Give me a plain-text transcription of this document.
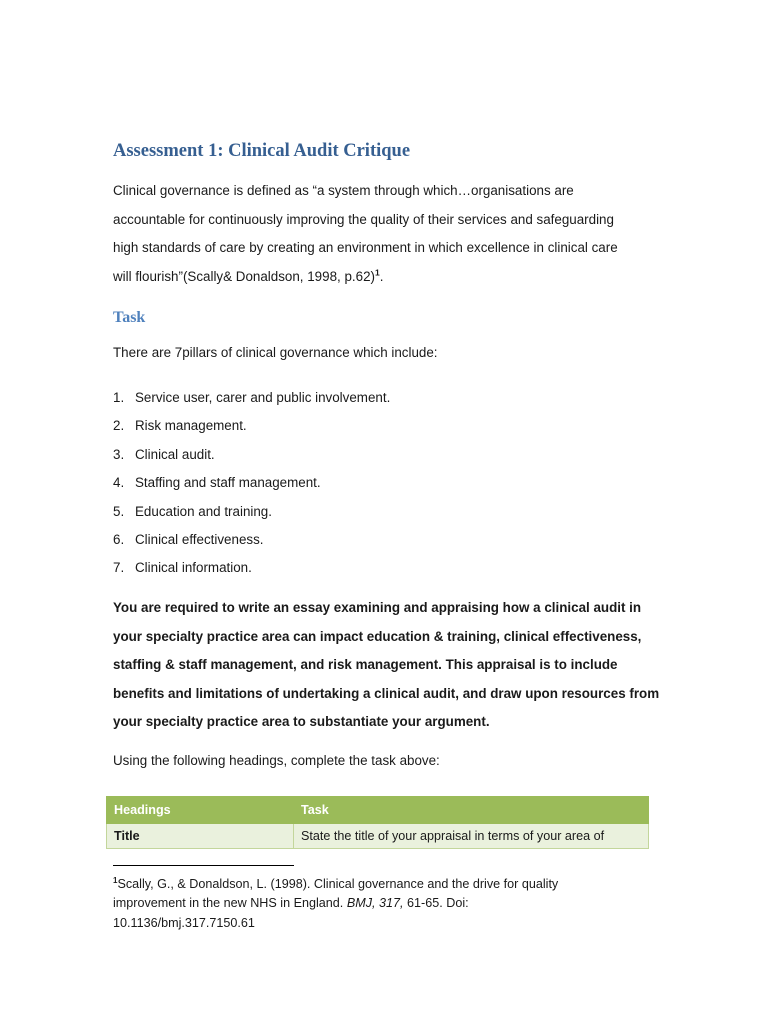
Assessment 1: Clinical Audit Critique
Clinical governance is defined as “a system through which…organisations are
accountable for continuously improving the quality of their services and safeguarding
high standards of care by creating an environment in which excellence in clinical care
will flourish”(Scally& Donaldson, 1998, p.62)$^1$.
Task
There are 7pillars of clinical governance which include:
1. Service user, carer and public involvement.
2. Risk management.
3. Clinical audit.
4. Staffing and staff management.
5. Education and training.
6. Clinical effectiveness.
7. Clinical information.
You are required to write an essay examining and appraising how a clinical audit in
your specialty practice area can impact education & training, clinical effectiveness,
staffing & staff management, and risk management. This appraisal is to include
benefits and limitations of undertaking a clinical audit, and draw upon resources from
your specialty practice area to substantiate your argument.
Using the following headings, complete the task above:
Headings	Task
Title	State the title of your appraisal in terms of your area of
$^1$Scally, G., & Donaldson, L. (1998). Clinical governance and the drive for quality
improvement in the new NHS in England. BMJ, 317, 61-65. Doi:
10.1136/bmj.317.7150.61
